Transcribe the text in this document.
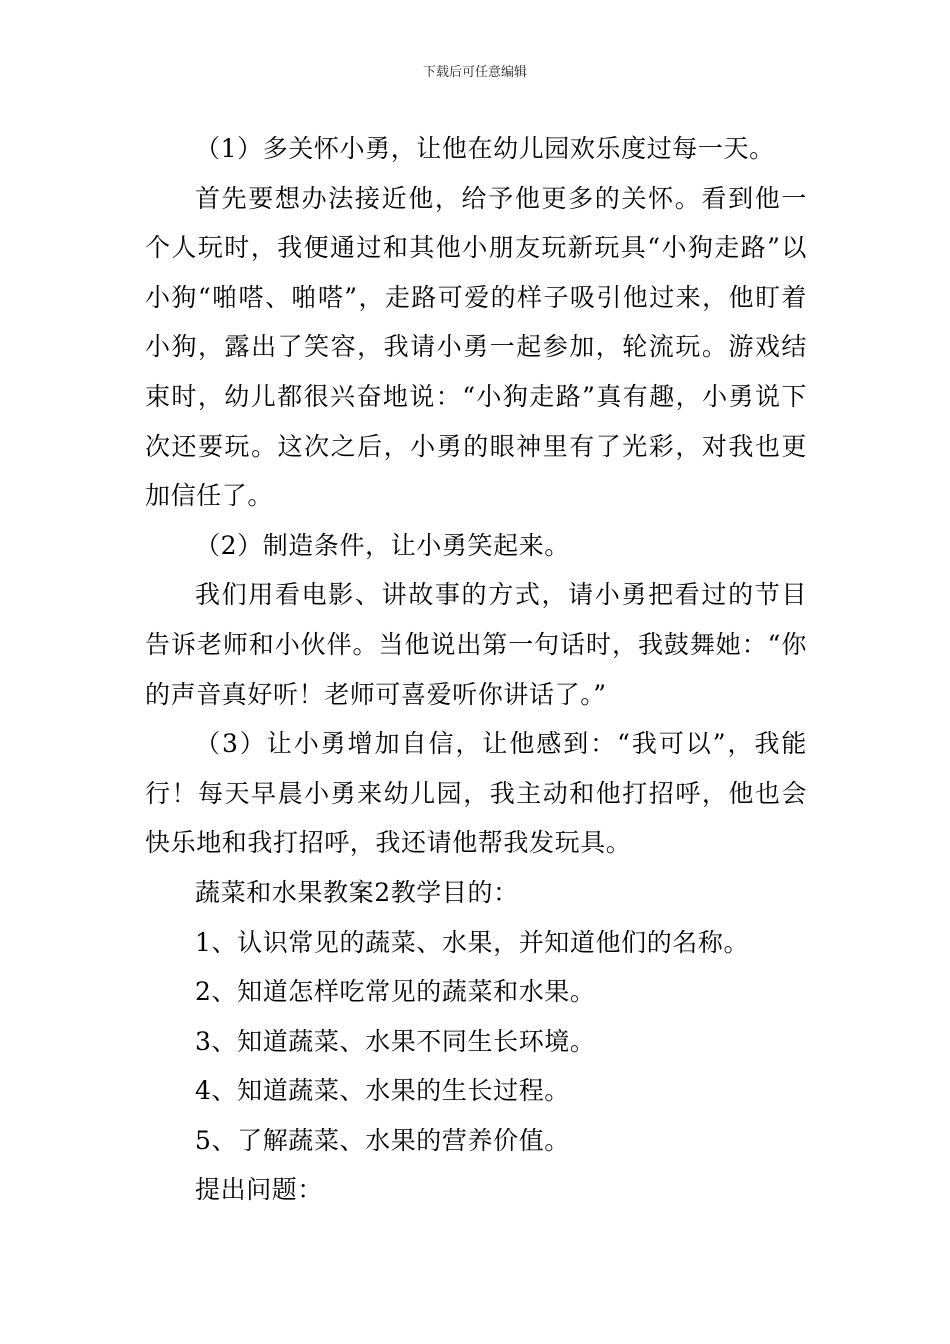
下载后可任意编辑

（1）多关怀小勇，让他在幼儿园欢乐度过每一天。

首先要想办法接近他，给予他更多的关怀。看到他一个人玩时，我便通过和其他小朋友玩新玩具“小狗走路”以小狗“啪嗒、啪嗒”，走路可爱的样子吸引他过来，他盯着小狗，露出了笑容，我请小勇一起参加，轮流玩。游戏结束时，幼儿都很兴奋地说：“小狗走路”真有趣，小勇说下次还要玩。这次之后，小勇的眼神里有了光彩，对我也更加信任了。

（2）制造条件，让小勇笑起来。

我们用看电影、讲故事的方式，请小勇把看过的节目告诉老师和小伙伴。当他说出第一句话时，我鼓舞她：“你的声音真好听！老师可喜爱听你讲话了。”

（3）让小勇增加自信，让他感到：“我可以”，我能行！每天早晨小勇来幼儿园，我主动和他打招呼，他也会快乐地和我打招呼，我还请他帮我发玩具。

蔬菜和水果教案2教学目的：

1、认识常见的蔬菜、水果，并知道他们的名称。

2、知道怎样吃常见的蔬菜和水果。

3、知道蔬菜、水果不同生长环境。

4、知道蔬菜、水果的生长过程。

5、了解蔬菜、水果的营养价值。

提出问题：
